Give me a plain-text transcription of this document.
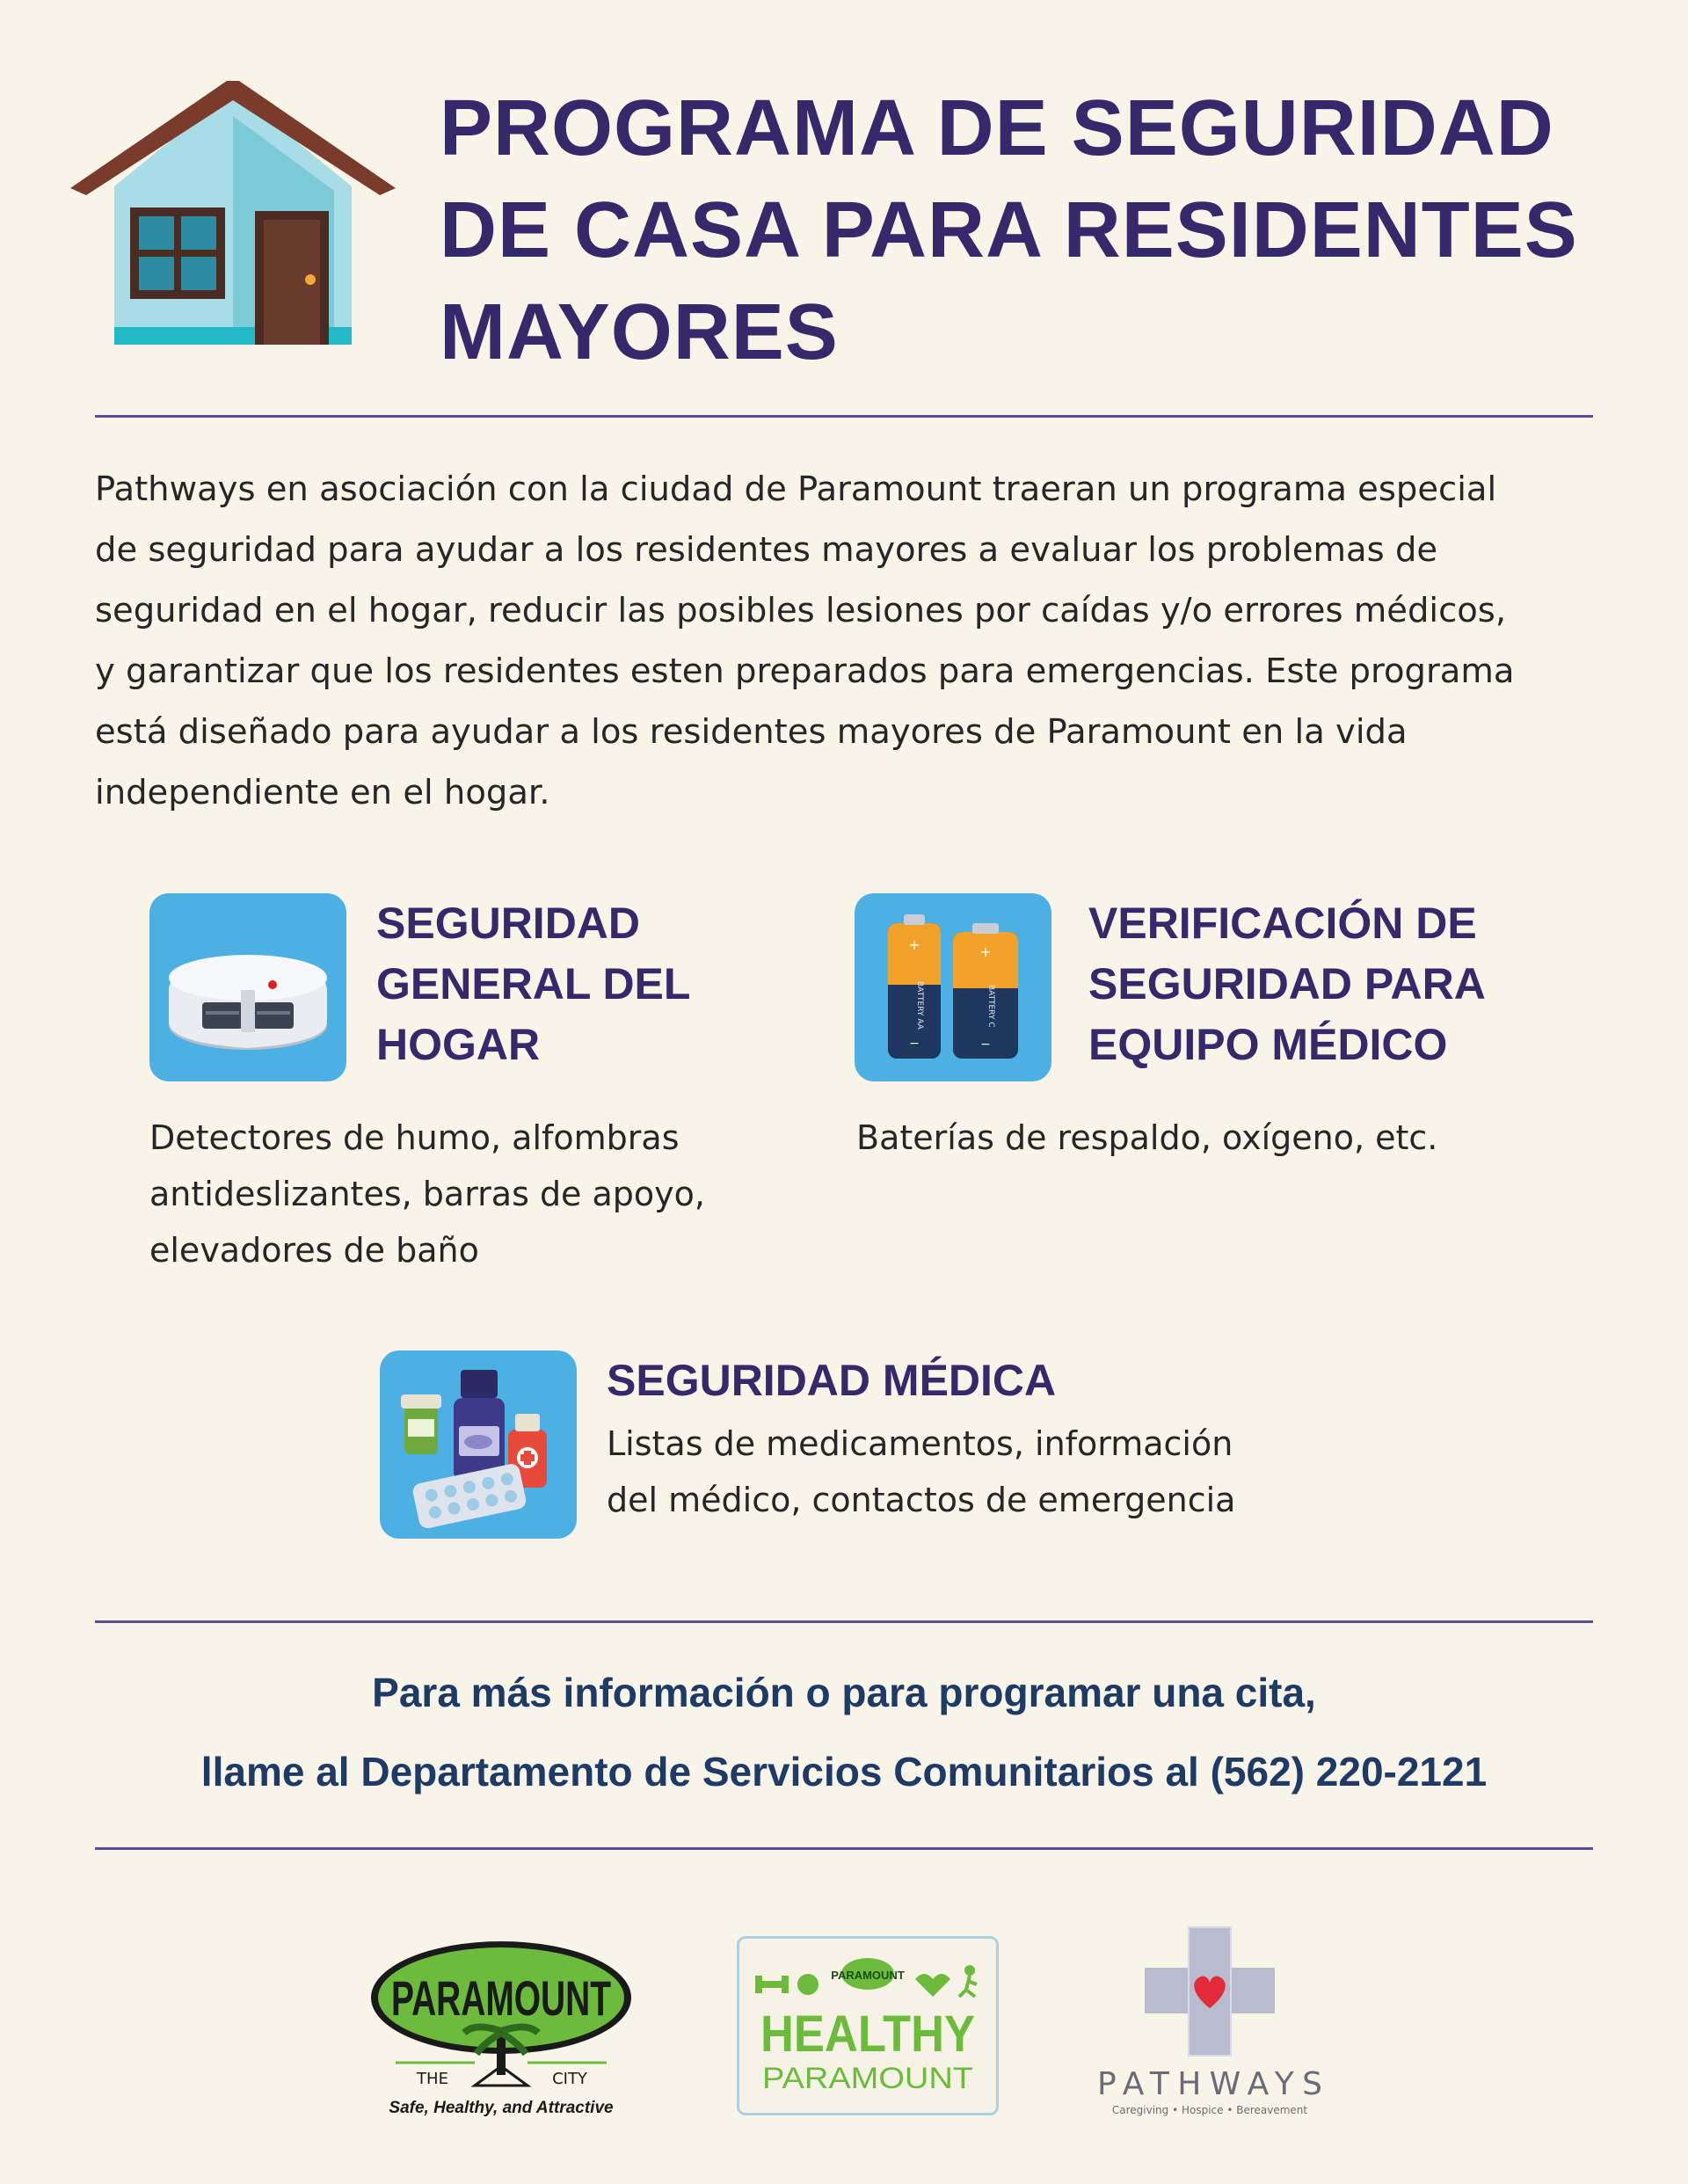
PROGRAMA DE SEGURIDAD
DE CASA PARA RESIDENTES
MAYORES
Pathways en asociación con la ciudad de Paramount traeran un programa especial
de seguridad para ayudar a los residentes mayores a evaluar los problemas de
seguridad en el hogar, reducir las posibles lesiones por caídas y/o errores médicos,
y garantizar que los residentes esten preparados para emergencias. Este programa
está diseñado para ayudar a los residentes mayores de Paramount en la vida
independiente en el hogar.
SEGURIDAD
GENERAL DEL
HOGAR
Detectores de humo, alfombras
antideslizantes, barras de apoyo,
elevadores de baño
+
−
BATTERY AA
+
−
BATTERY C
VERIFICACIÓN DE
SEGURIDAD PARA
EQUIPO MÉDICO
Baterías de respaldo, oxígeno, etc.
SEGURIDAD MÉDICA
Listas de medicamentos, información
del médico, contactos de emergencia
Para más información o para programar una cita,
llame al Departamento de Servicios Comunitarios al (562) 220-2121
PARAMOUNT
THE	CITY
Safe, Healthy, and Attractive
PARAMOUNT
HEALTHY
PARAMOUNT	PATHWAYS
Caregiving • Hospice • Bereavement
